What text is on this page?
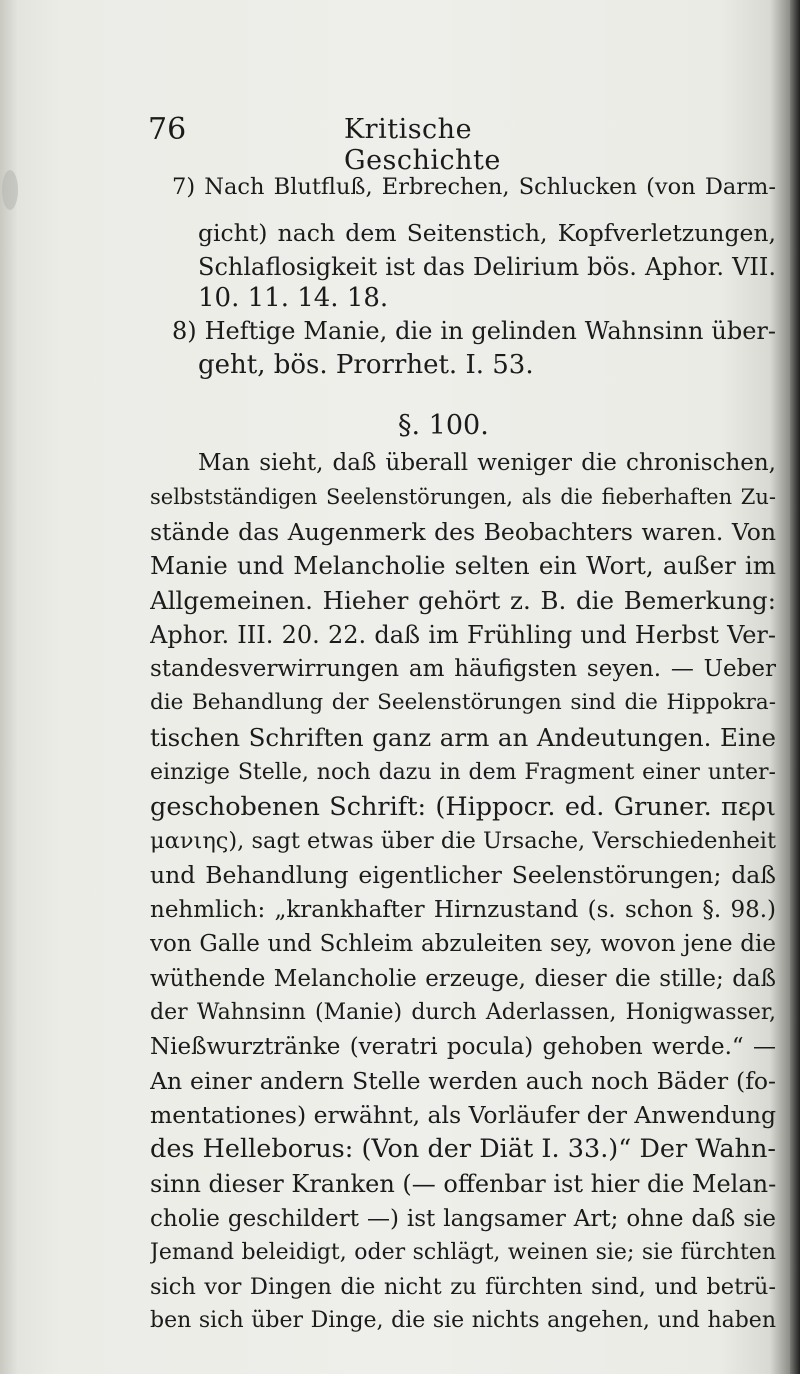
76	Kritische Geschichte
7) Nach Blutfluß, Erbrechen, Schlucken (von Darm-
gicht) nach dem Seitenstich, Kopfverletzungen,
Schlaflosigkeit ist das Delirium bös. Aphor. VII.
10. 11. 14. 18.
8) Heftige Manie, die in gelinden Wahnsinn über-
geht, bös. Prorrhet. I. 53.
§. 100.
Man sieht, daß überall weniger die chronischen,
selbstständigen Seelenstörungen, als die fieberhaften Zu-
stände das Augenmerk des Beobachters waren. Von
Manie und Melancholie selten ein Wort, außer im
Allgemeinen. Hieher gehört z. B. die Bemerkung:
Aphor. III. 20. 22. daß im Frühling und Herbst Ver-
standesverwirrungen am häufigsten seyen. — Ueber
die Behandlung der Seelenstörungen sind die Hippokra-
tischen Schriften ganz arm an Andeutungen. Eine
einzige Stelle, noch dazu in dem Fragment einer unter-
geschobenen Schrift: (Hippocr. ed. Gruner. περι
μανιης), sagt etwas über die Ursache, Verschiedenheit
und Behandlung eigentlicher Seelenstörungen; daß
nehmlich: „krankhafter Hirnzustand (s. schon §. 98.)
von Galle und Schleim abzuleiten sey, wovon jene die
wüthende Melancholie erzeuge, dieser die stille; daß
der Wahnsinn (Manie) durch Aderlassen, Honigwasser,
Nießwurztränke (veratri pocula) gehoben werde.“ —
An einer andern Stelle werden auch noch Bäder (fo-
mentationes) erwähnt, als Vorläufer der Anwendung
des Helleborus: (Von der Diät I. 33.)“ Der Wahn-
sinn dieser Kranken (— offenbar ist hier die Melan-
cholie geschildert —) ist langsamer Art; ohne daß sie
Jemand beleidigt, oder schlägt, weinen sie; sie fürchten
sich vor Dingen die nicht zu fürchten sind, und betrü-
ben sich über Dinge, die sie nichts angehen, und haben
